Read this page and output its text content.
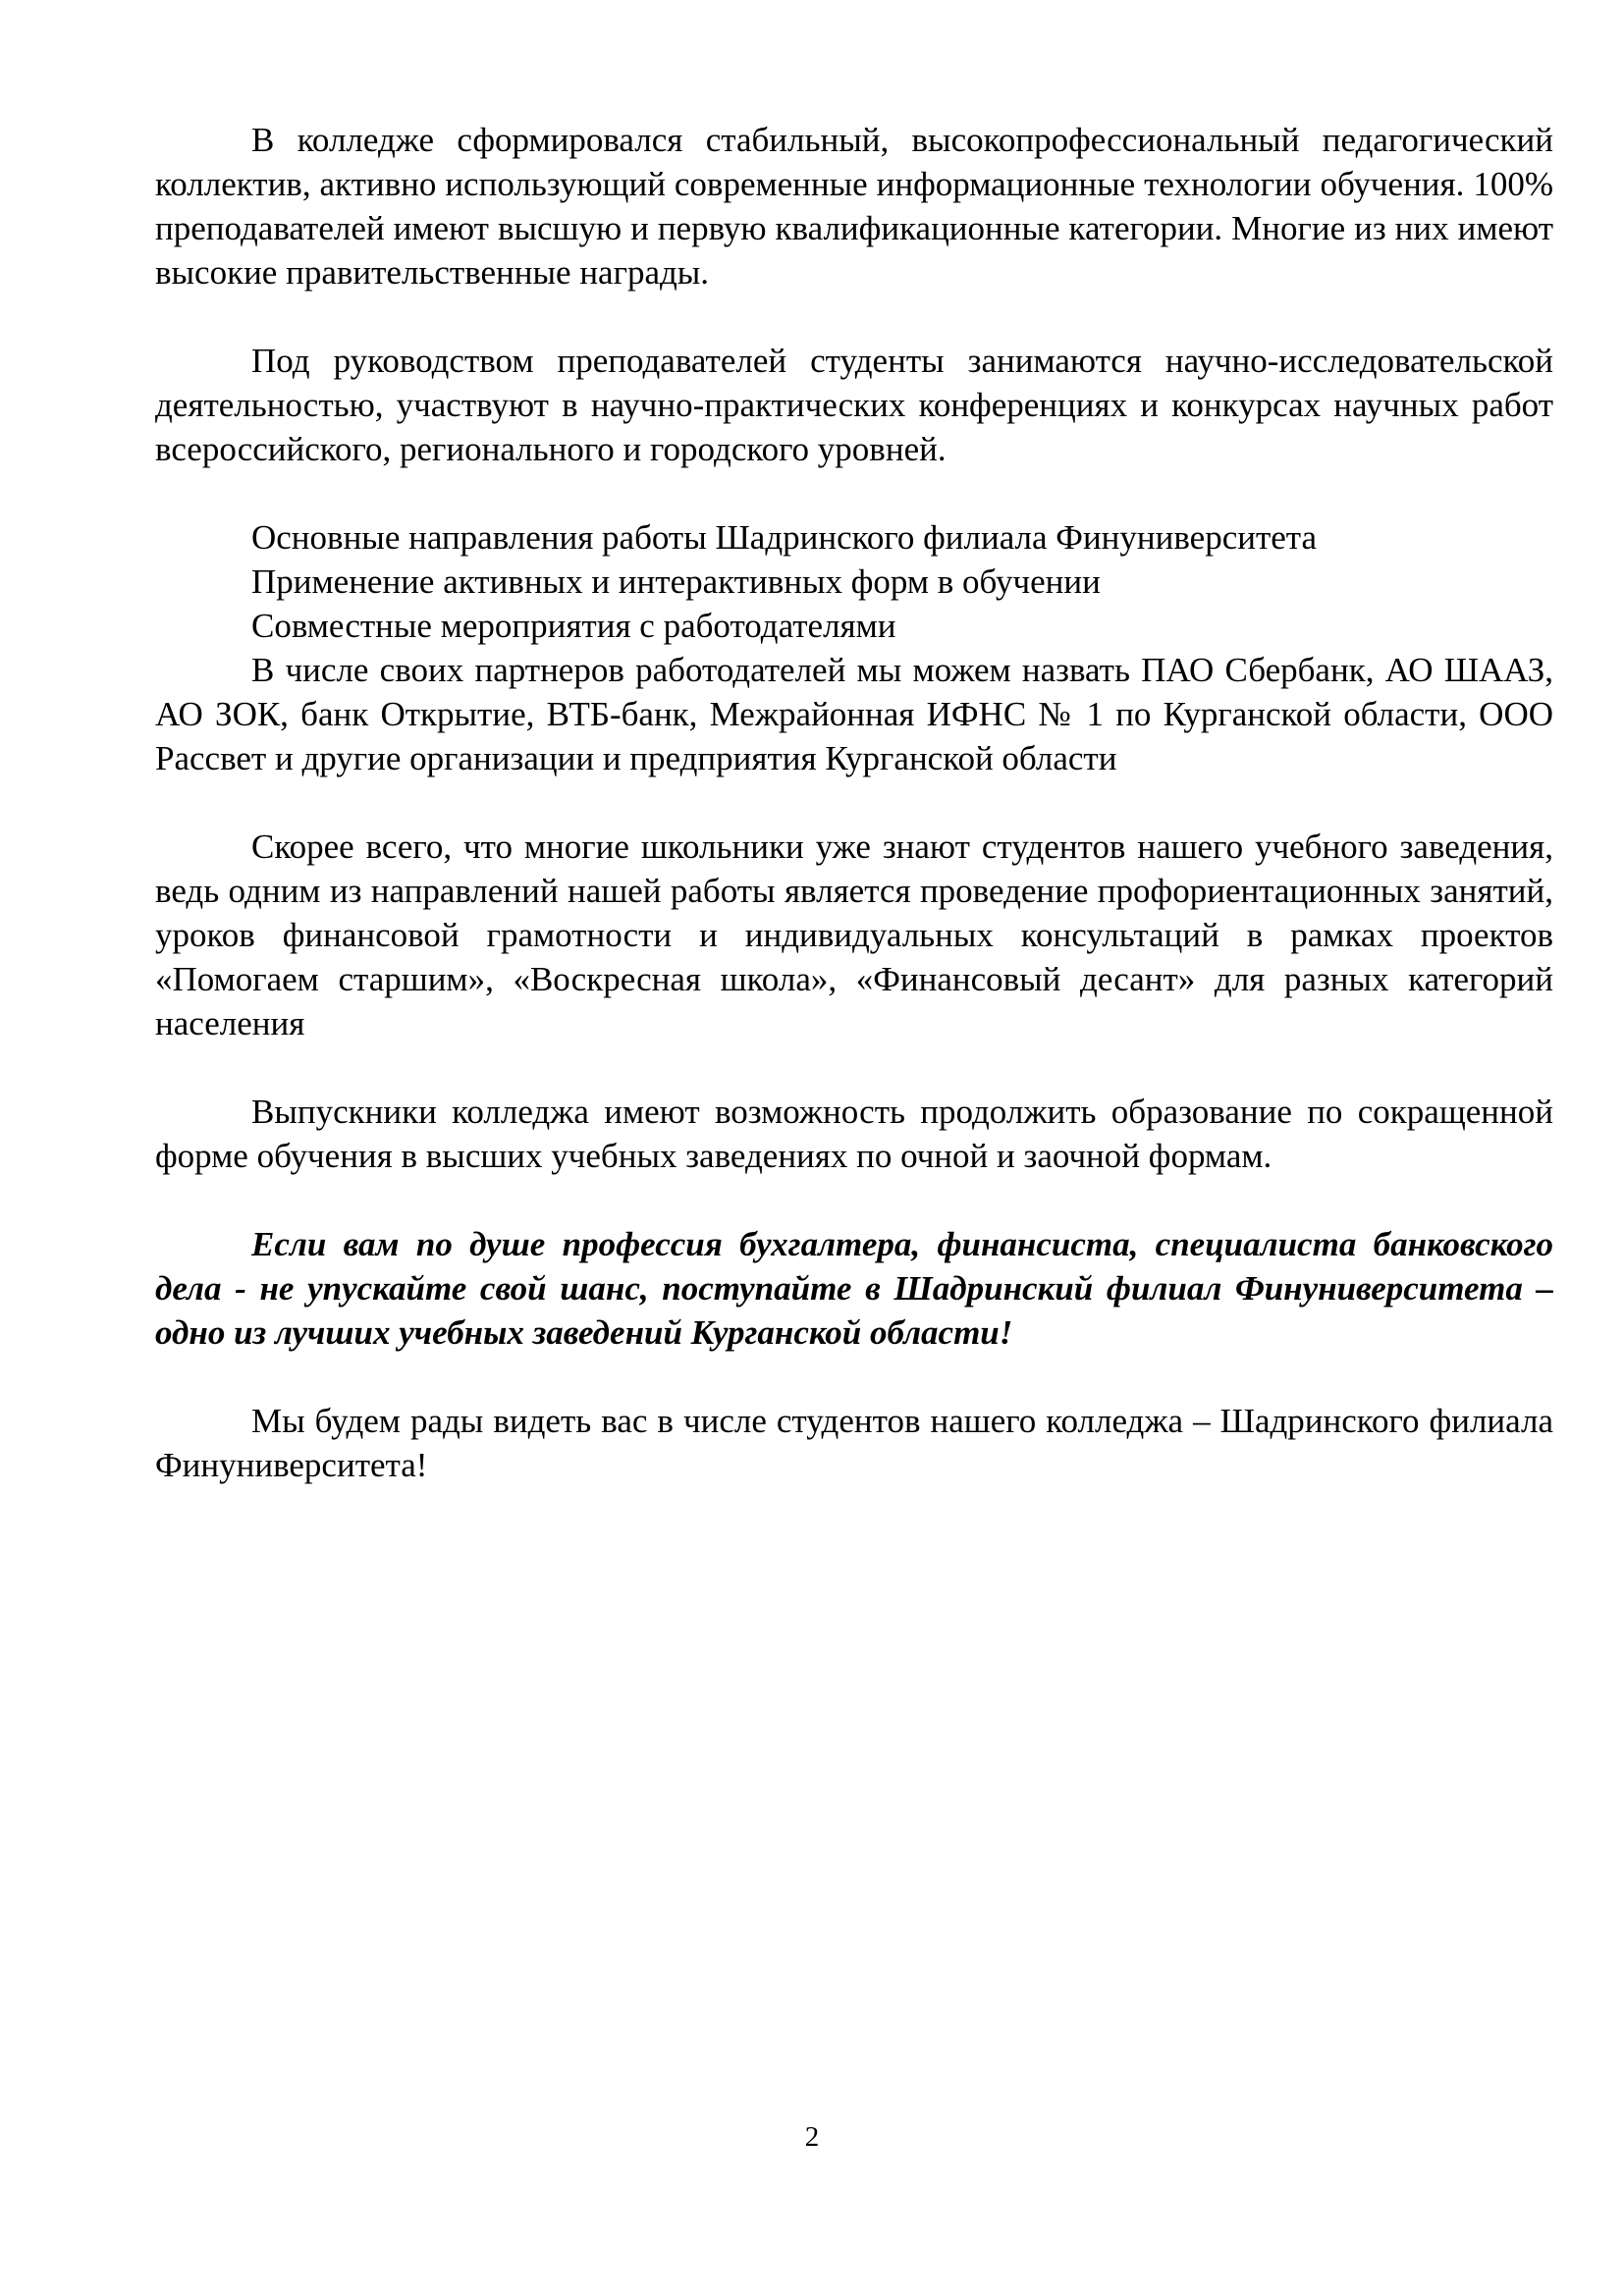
В колледже сформировался стабильный, высокопрофессиональный педагогический коллектив, активно использующий современные информационные технологии обучения. 100% преподавателей имеют высшую и первую квалификационные категории. Многие из них имеют высокие правительственные награды.

Под руководством преподавателей студенты занимаются научно-исследовательской деятельностью, участвуют в научно-практических конференциях и конкурсах научных работ всероссийского, регионального и городского уровней.

Основные направления работы Шадринского филиала Финуниверситета

Применение активных и интерактивных форм в обучении

Совместные мероприятия с работодателями

В числе своих партнеров работодателей мы можем назвать ПАО Сбербанк, АО ШААЗ, АО ЗОК, банк Открытие, ВТБ-банк, Межрайонная ИФНС № 1 по Курганской области, ООО Рассвет и другие организации и предприятия Курганской области

Скорее всего, что многие школьники уже знают студентов нашего учебного заведения, ведь одним из направлений нашей работы является проведение профориентационных занятий, уроков финансовой грамотности и индивидуальных консультаций в рамках проектов «Помогаем старшим», «Воскресная школа», «Финансовый десант» для разных категорий населения

Выпускники колледжа имеют возможность продолжить образование по сокращенной форме обучения в высших учебных заведениях по очной и заочной формам.

Если вам по душе профессия бухгалтера, финансиста, специалиста банковского дела - не упускайте свой шанс, поступайте в Шадринский филиал Финуниверситета – одно из лучших учебных заведений Курганской области!

Мы будем рады видеть вас в числе студентов нашего колледжа – Шадринского филиала Финуниверситета!

2
